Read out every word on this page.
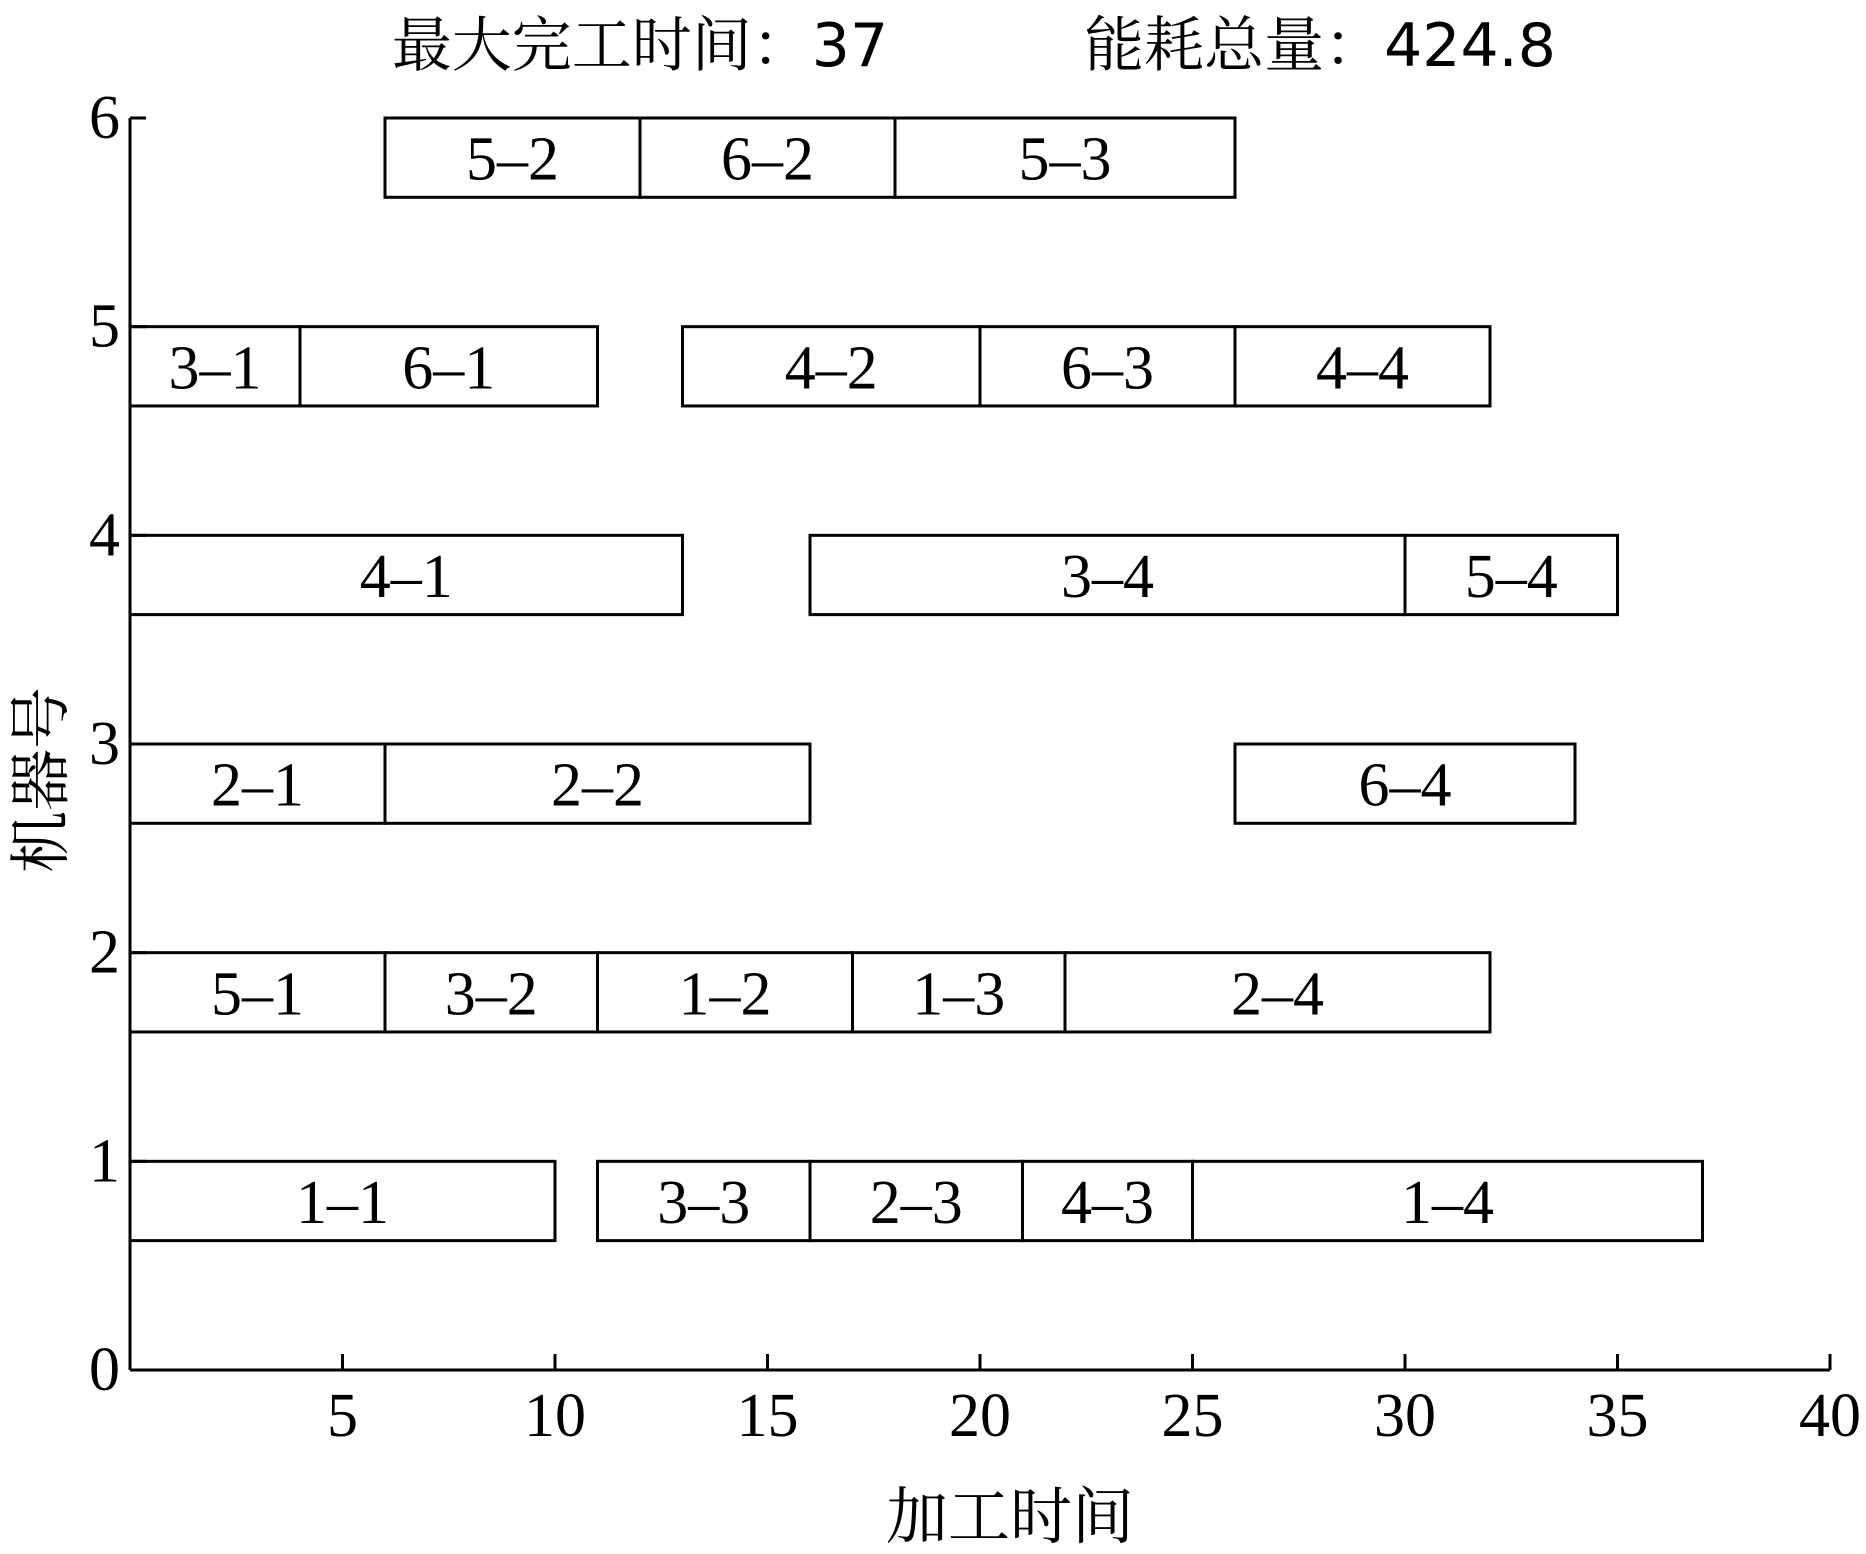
最大完工时间：37	能耗总量：424.8
5–2	6–2	5–3
3–1 6–1	4–2	6–3	4–4
4–1	3–4	5–4
2–1	2–2	6–4
5–1 3–2 1–2 1–3	2–4
1–1	3–3 2–3 4–3	1–4
5	10 15 20 25 30 35 40
0
1
2
3
4
5
6
加工时间
机器号
